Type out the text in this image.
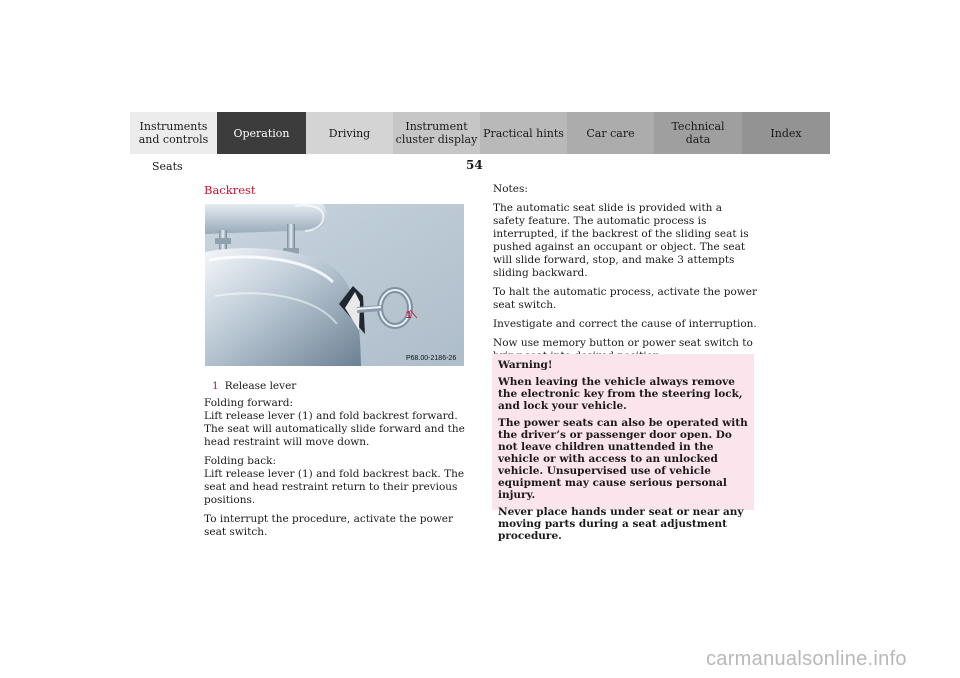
Instruments
and controls	Operation	Driving	Instrument
cluster display Practical hints	Car care	Technical
data	Index
Seats	54
Backrest
1
P68.00-2186-26
1 Release lever

Folding forward:
Lift release lever (1) and fold backrest forward. The seat will automatically slide forward and the head restraint will move down.

Folding back:
Lift release lever (1) and fold backrest back. The seat and head restraint return to their previous positions.

To interrupt the procedure, activate the power seat switch.

Notes:

The automatic seat slide is provided with a safety feature. The automatic process is interrupted, if the backrest of the sliding seat is pushed against an occupant or object. The seat will slide forward, stop, and make 3 attempts sliding backward.

To halt the automatic process, activate the power seat switch.

Investigate and correct the cause of interruption.

Now use memory button or power seat switch to

Warning!

When leaving the vehicle always remove the electronic key from the steering lock, and lock your vehicle.

The power seats can also be operated with the driver’s or passenger door open. Do not leave children unattended in the vehicle or with access to an unlocked vehicle. Unsupervised use of vehicle equipment may cause serious personal injury.

Never place hands under seat or near any moving parts during a seat adjustment procedure.

carmanualsonline.info
